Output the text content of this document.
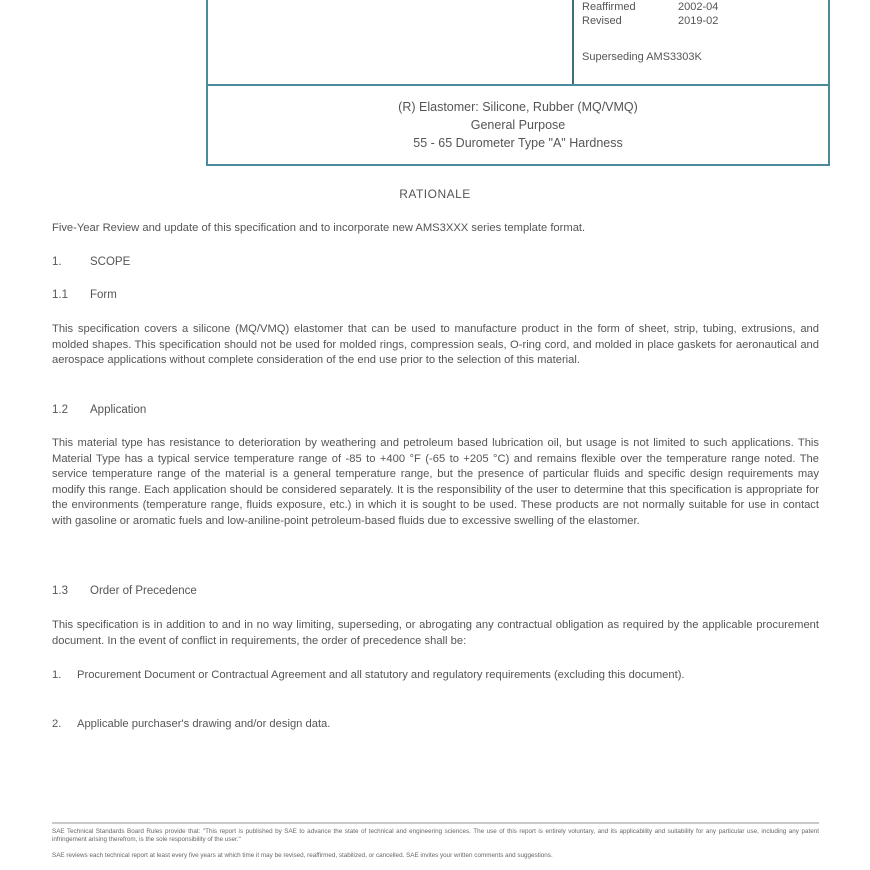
Reaffirmed	2002-04
Revised	2019-02
Superseding AMS3303K
(R) Elastomer: Silicone, Rubber (MQ/VMQ)
General Purpose
55 - 65 Durometer Type "A" Hardness
RATIONALE
Five-Year Review and update of this specification and to incorporate new AMS3XXX series template format.
1. SCOPE
1.1 Form
This specification covers a silicone (MQ/VMQ) elastomer that can be used to manufacture product in the form of sheet, strip, tubing, extrusions, and molded shapes. This specification should not be used for molded rings, compression seals, O-ring cord, and molded in place gaskets for aeronautical and aerospace applications without complete consideration of the end use prior to the selection of this material.
1.2 Application
This material type has resistance to deterioration by weathering and petroleum based lubrication oil, but usage is not limited to such applications. This Material Type has a typical service temperature range of -85 to +400 °F (-65 to +205 °C) and remains flexible over the temperature range noted. The service temperature range of the material is a general temperature range, but the presence of particular fluids and specific design requirements may modify this range. Each application should be considered separately. It is the responsibility of the user to determine that this specification is appropriate for the environments (temperature range, fluids exposure, etc.) in which it is sought to be used. These products are not normally suitable for use in contact with gasoline or aromatic fuels and low-aniline-point petroleum-based fluids due to excessive swelling of the elastomer.
1.3 Order of Precedence
This specification is in addition to and in no way limiting, superseding, or abrogating any contractual obligation as required by the applicable procurement document. In the event of conflict in requirements, the order of precedence shall be:
1.	Procurement Document or Contractual Agreement and all statutory and regulatory requirements (excluding this document).
2.	Applicable purchaser's drawing and/or design data.
SAE Technical Standards Board Rules provide that: "This report is published by SAE to advance the state of technical and engineering sciences. The use of this report is entirely voluntary, and its applicability and suitability for any particular use, including any patent infringement arising therefrom, is the sole responsibility of the user."
SAE reviews each technical report at least every five years at which time it may be revised, reaffirmed, stabilized, or cancelled. SAE invites your written comments and suggestions.
